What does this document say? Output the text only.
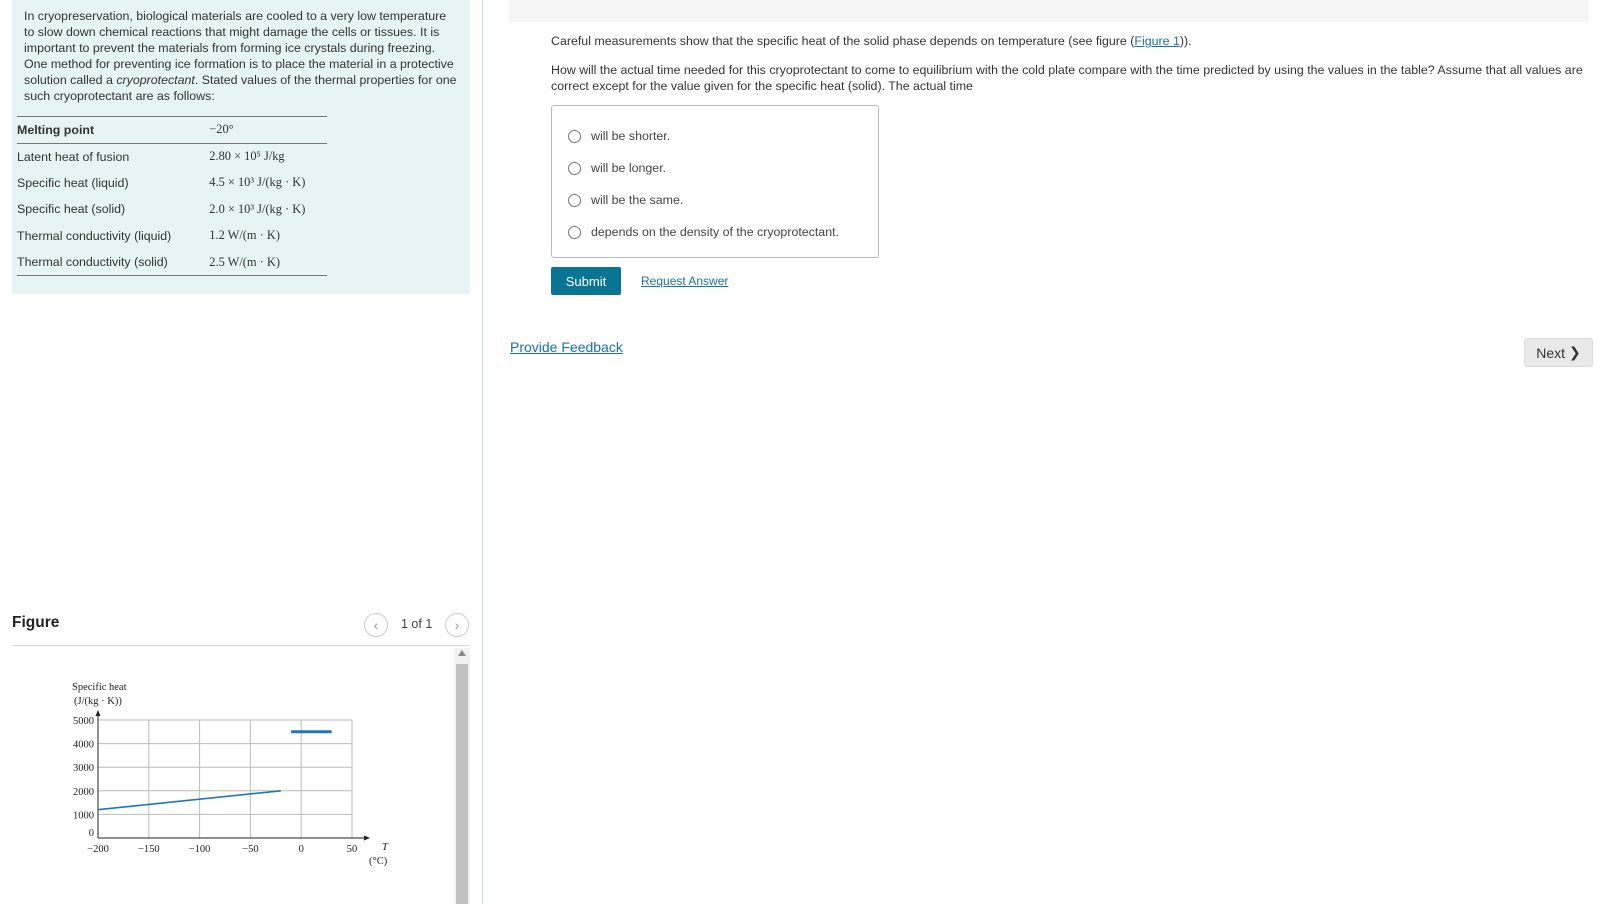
In cryopreservation, biological materials are cooled to a very low temperature to slow down chemical reactions that might damage the cells or tissues. It is important to prevent the materials from forming ice crystals during freezing. One method for preventing ice formation is to place the material in a protective solution called a cryoprotectant. Stated values of the thermal properties for one such cryoprotectant are as follows:

Melting point	−20°
Latent heat of fusion	2.80 × 10⁵ J/kg
Specific heat (liquid)	4.5 × 10³ J/(kg · K)
Specific heat (solid)	2.0 × 10³ J/(kg · K)
Thermal conductivity (liquid)	1.2 W/(m · K)
Thermal conductivity (solid)	2.5 W/(m · K)
Figure	‹ 1 of 1 ›
Specific heat
(J/(kg · K))
−200	−150	−100	−50	0	50
0
1000
2000
3000
4000
5000
T
(°C)

Careful measurements show that the specific heat of the solid phase depends on temperature (see figure (Figure 1)).

How will the actual time needed for this cryoprotectant to come to equilibrium with the cold plate compare with the time predicted by using the values in the table? Assume that all values are correct except for the value given for the specific heat (solid). The actual time

will be shorter.
will be longer.
will be the same.
depends on the density of the cryoprotectant.
Submit	Request Answer
Provide Feedback	Next ❯
